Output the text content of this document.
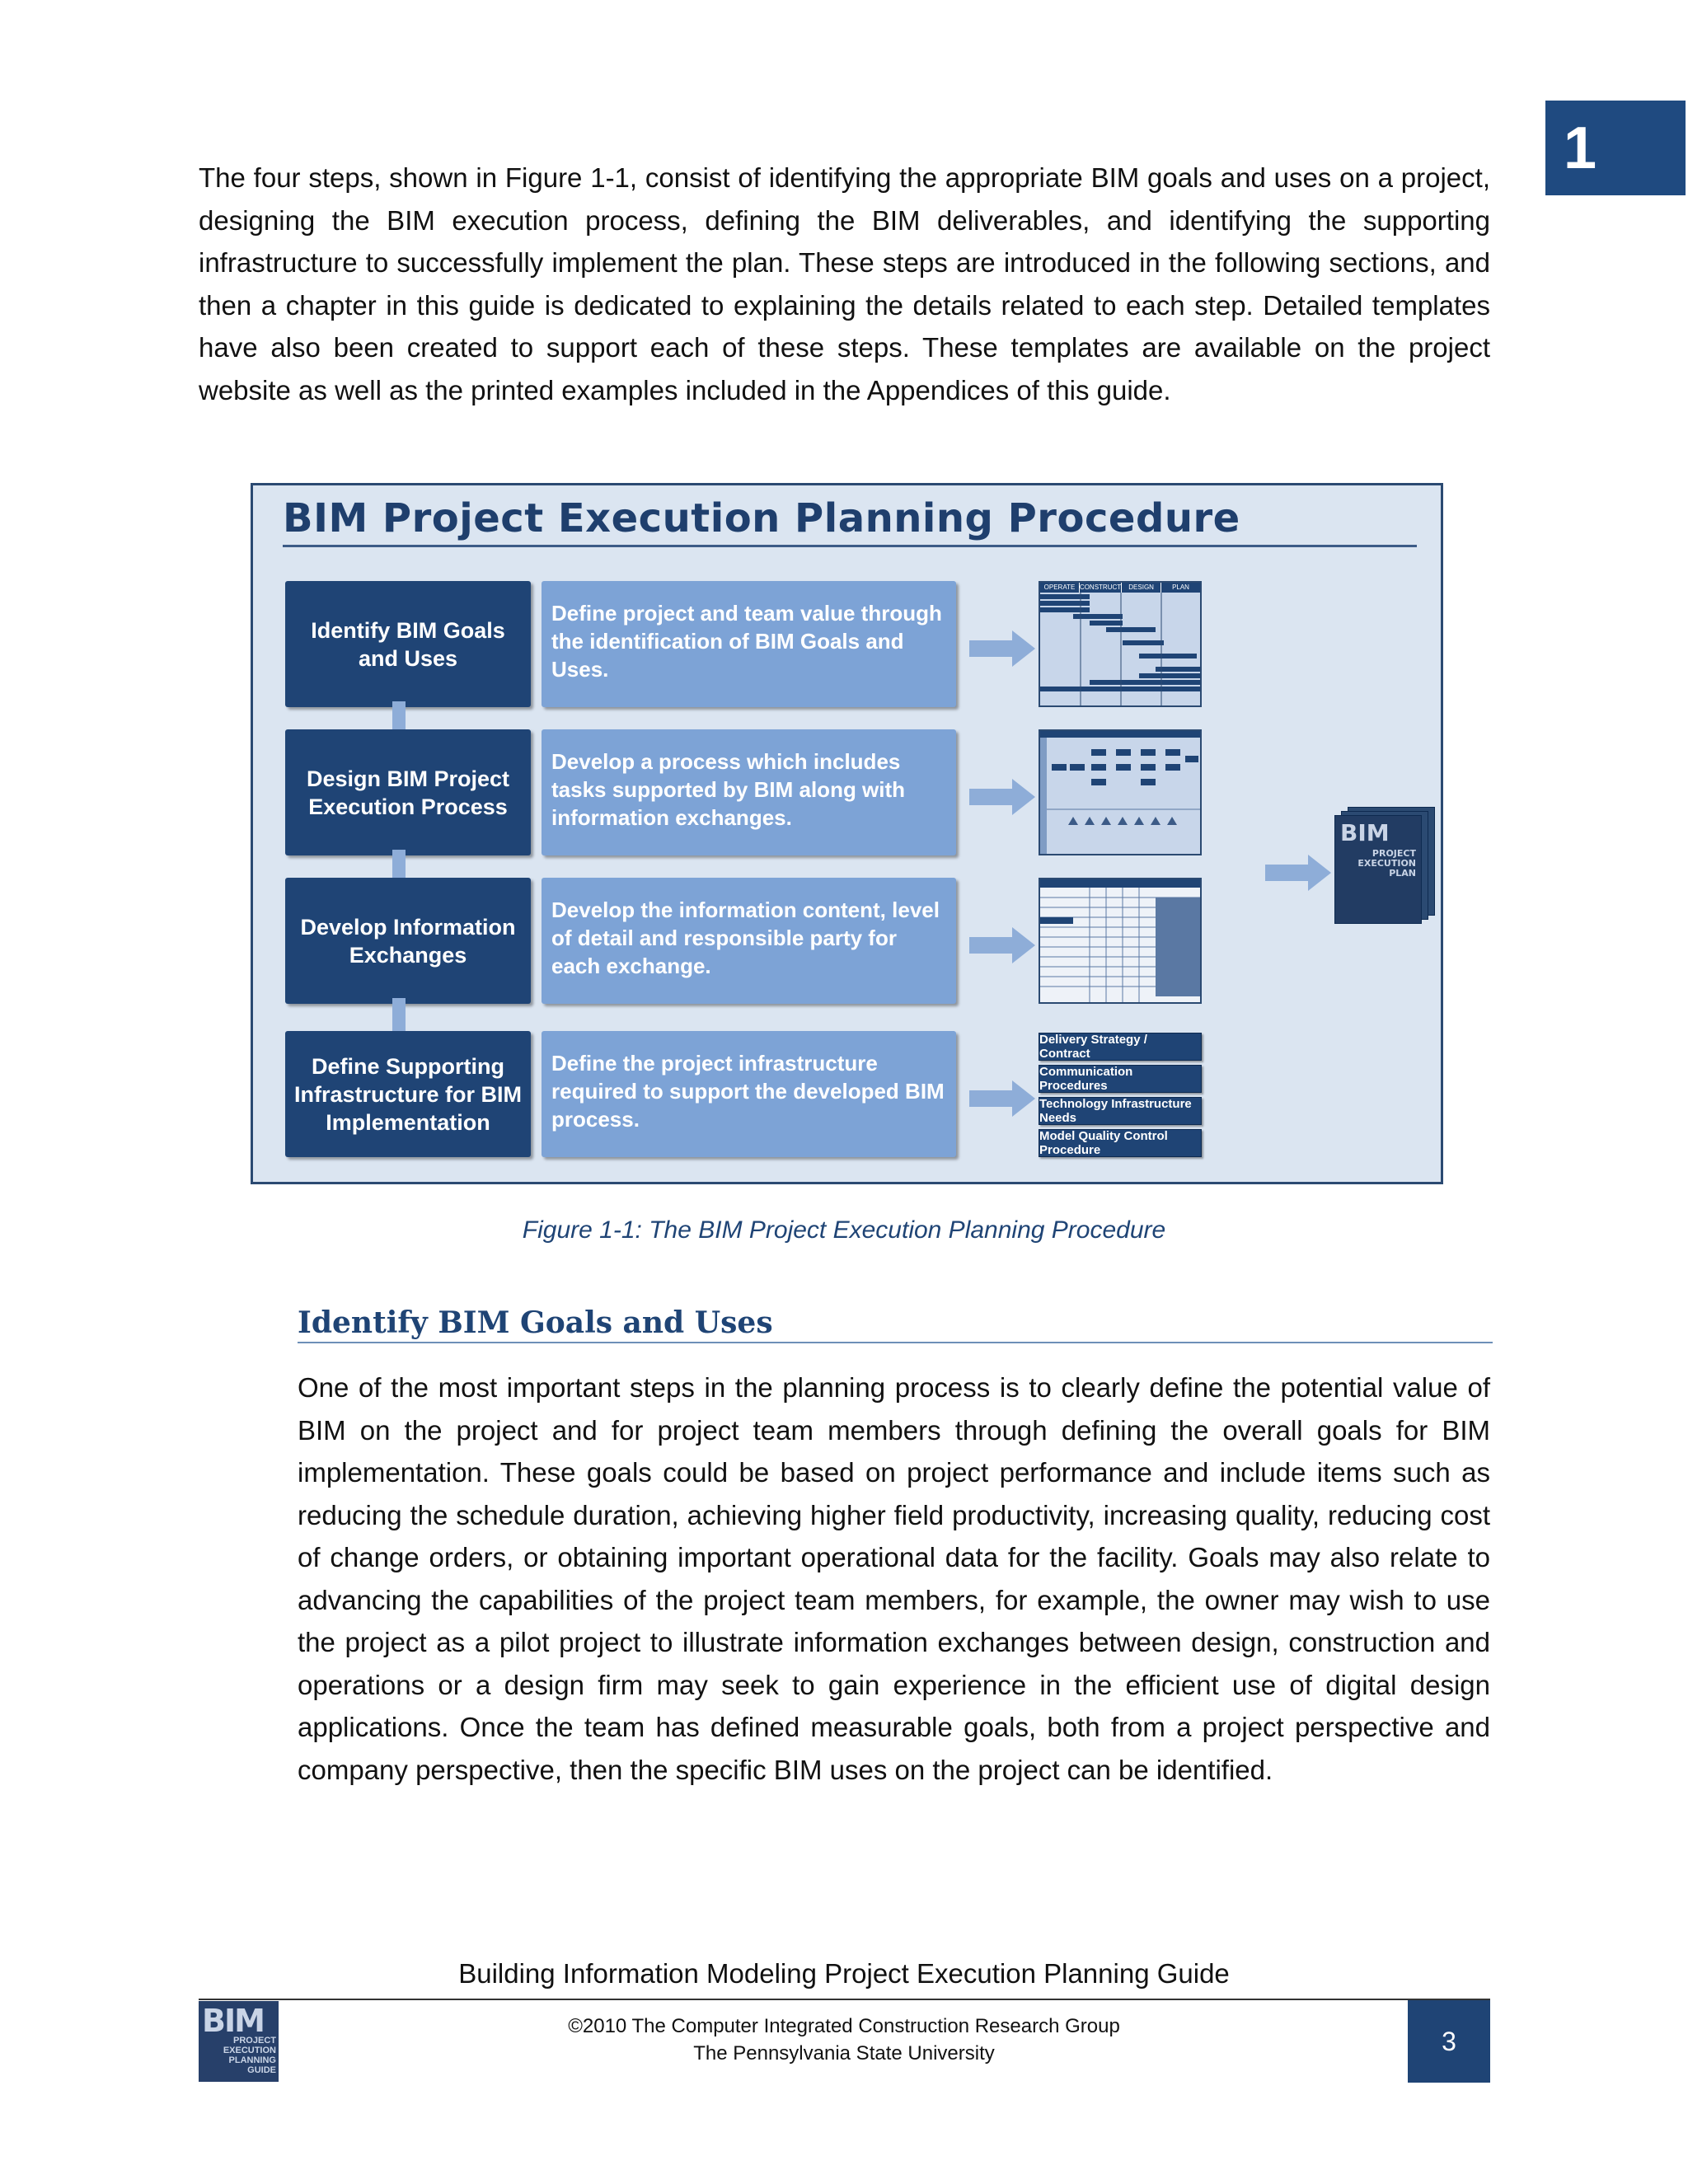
1
The four steps, shown in Figure 1-1, consist of identifying the appropriate BIM goals and uses on a project, designing the BIM execution process, defining the BIM deliverables, and identifying the supporting infrastructure to successfully implement the plan. These steps are introduced in the following sections, and then a chapter in this guide is dedicated to explaining the details related to each step. Detailed templates have also been created to support each of these steps. These templates are available on the project website as well as the printed examples included in the Appendices of this guide.
BIM Project Execution Planning Procedure
Identify BIM Goals and Uses
Define project and team value through the identification of BIM Goals and Uses.
OPERATE CONSTRUCT	DESIGN	PLAN
Design BIM Project Execution Process
Develop a process which includes tasks supported by BIM along with information exchanges.
Develop Information Exchanges
Develop the information content, level of detail and responsible party for each exchange.
Define Supporting Infrastructure for BIM Implementation
Define the project infrastructure required to support the developed BIM process.
Delivery Strategy / Contract
Communication Procedures
Technology Infrastructure Needs
Model Quality Control Procedure
BIM
PROJECT
EXECUTION
PLAN
Figure 1-1: The BIM Project Execution Planning Procedure
Identify BIM Goals and Uses
One of the most important steps in the planning process is to clearly define the potential value of BIM on the project and for project team members through defining the overall goals for BIM implementation. These goals could be based on project performance and include items such as reducing the schedule duration, achieving higher field productivity, increasing quality, reducing cost of change orders, or obtaining important operational data for the facility. Goals may also relate to advancing the capabilities of the project team members, for example, the owner may wish to use the project as a pilot project to illustrate information exchanges between design, construction and operations or a design firm may seek to gain experience in the efficient use of digital design applications. Once the team has defined measurable goals, both from a project perspective and company perspective, then the specific BIM uses on the project can be identified.
Building Information Modeling Project Execution Planning Guide
BIM
PROJECT
EXECUTION
PLANNING
GUIDE
©2010 The Computer Integrated Construction Research Group
The Pennsylvania State University	3
